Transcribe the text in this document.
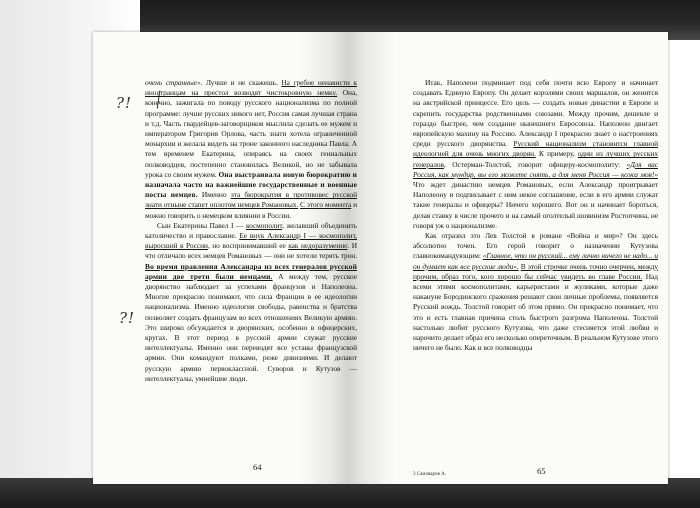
?!
?!

очень странные». Лучше и не скажешь. На гребне ненависти к иностранцам на престол возводят чистокровную немку. Она, конечно, зажигала по поводу русского национализма по полной программе: лучше русских никого нет, Россия самая лучшая страна и т.д. Часть гвардейцев-заговорщиков мыслила сделать ее мужем и императором Григория Орлова, часть знати хотела ограниченной монархии и желала видеть на троне законного наследника Павла. А тем временем Екатерина, опираясь на своих гениальных полководцев, постепенно становилась Великой, но не забывала урока со своим мужем. Она выстраивала новую бюрократию и назначала часто на важнейшие государственные и военные посты немцев. Именно эта бюрократия в противовес русской знати отныне стanет оплотом немцев Романовых. С этого момента и можно говорить о немецком влиянии в России.

Сын Екатерины Павел I — космополит, желавший объединить католичество и православие. Ее внук Александр I — космополит, выросший в России, но воспринимавший ее как недоразумение. И что отличало всех немцев Романовых — они не хотели терять трон. Во время правления Александра из всех генералов русской армии две трети были немцами. А между тем, русское дворянство наблюдает за успехами французов и Наполеона. Многие прекрасно понимают, что сила Франции в ее идеологии национализма. Именно идеология свободы, равенства и братства позволяет создать французам во всех отношениях Великую армию. Это широко обсуждается в дворянских, особенно в офицерских, кругах. В этот период в русской армии служат русские интеллектуалы. Именно они переводят все уставы французской армии. Они командуют полками, реже дивизиями. И делают русскую армию первоклассной. Суворов и Кутузов — интеллектуалы, умнейшие люди.

Итак, Наполеон подминает под себя почти всю Европу и начинает создавать Единую Европу. Он делает королями своих маршалов, он женится на австрийской принцессе. Его цель — создать новые династии в Европе и скрепить государства родственными союзами. Между прочим, дешевле и гораздо быстрее, чем создание нынешнего Евросоюза. Наполеон двигает европейскую махину на Россию. Александр I прекрасно знает о настроениях среди русского дворянства. Русский национализм становится главной идеологией для очень многих дворян. К примеру, один из лучших русских генералов, Остерман-Толстой, говорит офицеру-космополиту: «Для вас Россия, как мундир, вы его можете снять, а для меня Россия — кожа моя!» Что ждет династию немцев Романовых, если Александр проигрывает Наполеону и подписывает с ним некое соглашение, если в его армии служат такие генералы и офицеры? Ничего хорошего. Вот он и начинает бороться, делая ставку в числе прочего и на самый оголтелый шовинизм Ростопчина, не говоря уж о национализме.

Как отразил это Лев Толстой в романе «Война и мир»? Он здесь абсолютно точен. Его герой говорит о назначении Кутузова главнокомандующим: «Главное, что он русский... ему лично ничего не надо... и он думает как все русские люди». В этой строчке очень точно очерчен, между прочим, образ того, кого хорошо бы сейчас увидеть во главе России. Над всеми этими космополитами, карьеристами и жуликами, которые даже накануне Бородинского сражения решают свои личные проблемы, появляется Русский вождь. Толстой говорит об этом прямо. Он прекрасно понимает, что это и есть главная причина столь быстрого разгрома Наполеона. Толстой настолько любит русского Кутузова, что даже стесняется этой любви и нарочито делает образ его несколько опереточным. В реальном Кутузове этого ничего не было. Как и все полководцы

64	65
3 Самоваров А.
